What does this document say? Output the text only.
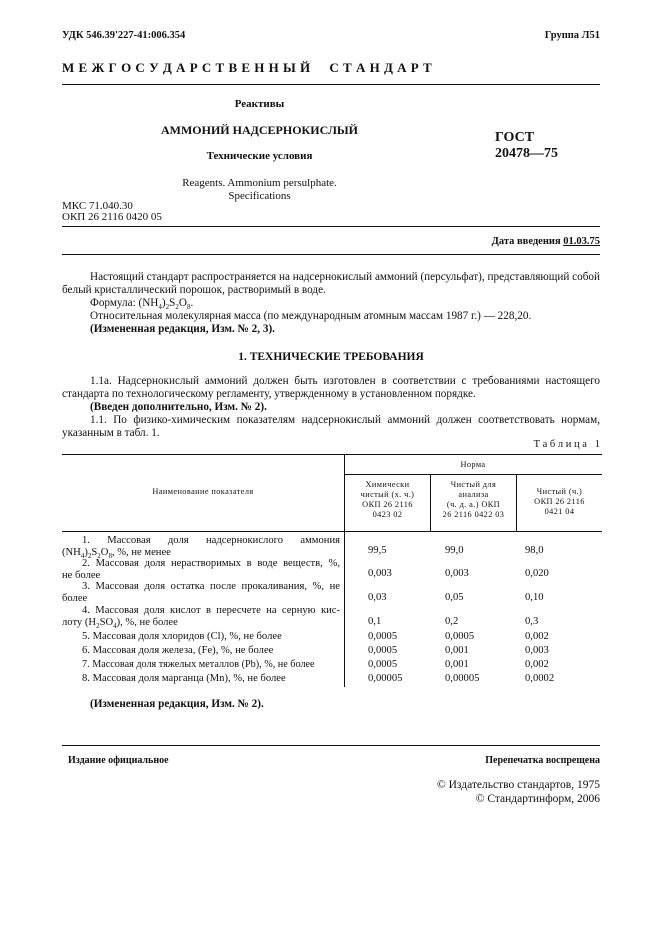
УДК 546.39'227-41:006.354	Группа Л51
М Е Ж Г О С У Д А Р С Т В Е Н Н Ы Й     С Т А Н Д А Р Т
Реактивы
АММОНИЙ НАДСЕРНОКИСЛЫЙ
Технические условия
Reagents. Ammonium persulphate.
Specifications
ГОСТ
20478—75
МКС 71.040.30
ОКП 26 2116 0420 05
Дата введения 01.03.75
Настоящий стандарт распространяется на надсернокислый аммоний (персульфат), представляющий собой белый кристаллический порошок, растворимый в воде.
Формула: $(NH_4)_2S_2O_8$.
Относительная молекулярная масса (по международным атомным массам 1987 г.) — 228,20.
(Измененная редакция, Изм. № 2, 3).
1. ТЕХНИЧЕСКИЕ ТРЕБОВАНИЯ
1.1а. Надсернокислый аммоний должен быть изготовлен в соответствии с требованиями настоящего стандарта по технологическому регламенту, утвержденному в установленном порядке.
(Введен дополнительно, Изм. № 2).
1.1. По физико-химическим показателям надсернокислый аммоний должен соответствовать нормам, указанным в табл. 1.
Т а б л и ц а   1
Наименование показателя
Норма
Химически
чистый (х. ч.)
ОКП 26 2116
0423 02
Чистый для
анализа
(ч. д. а.) ОКП
26 2116 0422 03
Чистый (ч.)
ОКП 26 2116
0421 04
1. Массовая доля надсернокислого аммония
$(NH_4)_2S_2O_8$, %, не менее	99,5	99,0	98,0
2. Массовая доля нерастворимых в воде веществ, %,
не более	0,003	0,003	0,020
3. Массовая доля остатка после прокаливания, %, не
более	0,03	0,05	0,10
4. Массовая доля кислот в пересчете на серную кис-
лоту $(H_2SO_4)$, %, не более	0,1	0,2	0,3
5. Массовая доля хлоридов (Cl), %, не более	0,0005	0,0005	0,002
6. Массовая доля железа, (Fe), %, не более	0,0005	0,001	0,003
7. Массовая доля тяжелых металлов (Pb), %, не более	0,0005	0,001	0,002
8. Массовая доля марганца (Mn), %, не более	0,00005	0,00005	0,0002
(Измененная редакция, Изм. № 2).
Издание официальное	Перепечатка воспрещена
© Издательство стандартов, 1975
© Стандартинформ, 2006
